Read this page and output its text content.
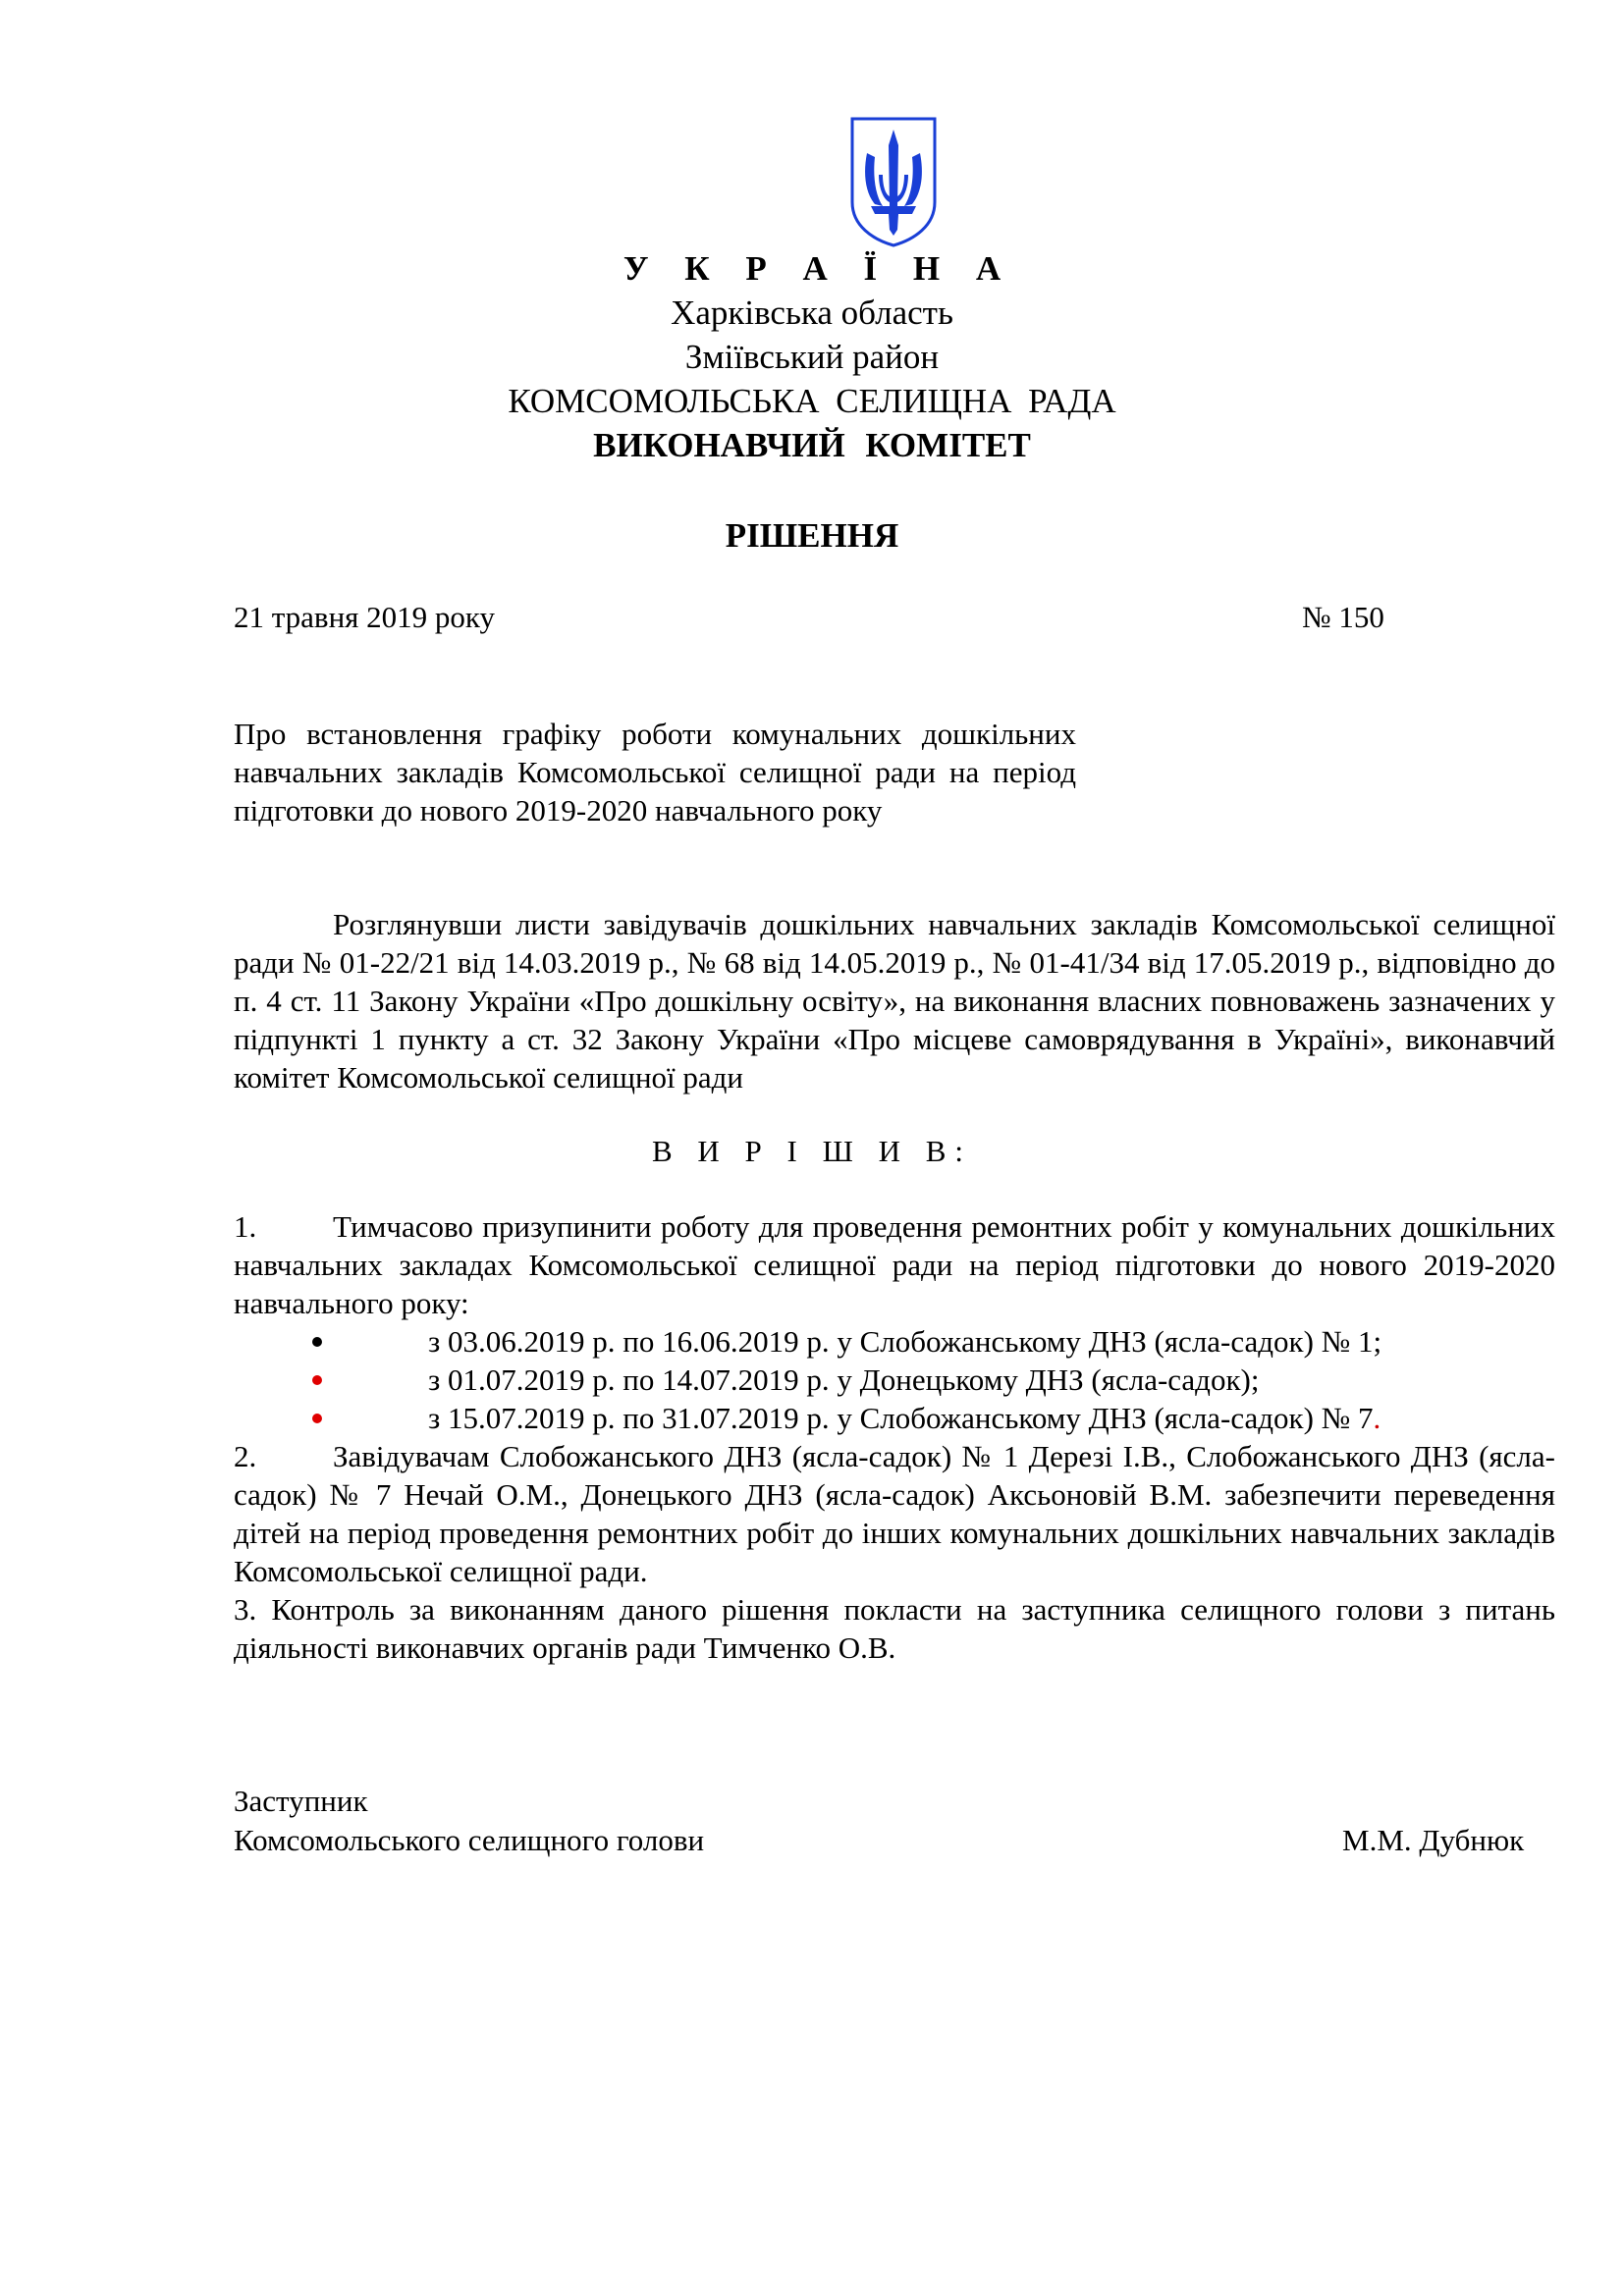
У К Р А Ї Н А
Харківська область
Зміївський район
КОМСОМОЛЬСЬКА СЕЛИЩНА РАДА
ВИКОНАВЧИЙ КОМІТЕТ
РІШЕННЯ
21 травня 2019 року	№ 150
Про встановлення графіку роботи комунальних дошкільних навчальних закладів Комсомольської селищної ради на період підготовки до нового 2019-2020 навчального року
Розглянувши листи завідувачів дошкільних навчальних закладів Комсомольської селищної ради № 01-22/21 від 14.03.2019 р., № 68 від 14.05.2019 р., № 01-41/34 від 17.05.2019 р., відповідно до п. 4 ст. 11 Закону України «Про дошкільну освіту», на виконання власних повноважень зазначених у підпункті 1 пункту а ст. 32 Закону України «Про місцеве самоврядування в Україні», виконавчий комітет Комсомольської селищної ради
В И Р І Ш И В:
1.	Тимчасово призупинити роботу для проведення ремонтних робіт у комунальних дошкільних навчальних закладах Комсомольської селищної ради на період підготовки до нового 2019-2020 навчального року:
з 03.06.2019 р. по 16.06.2019 р. у Слобожанському ДНЗ (ясла-садок) № 1;
з 01.07.2019 р. по 14.07.2019 р. у Донецькому ДНЗ (ясла-садок);
з 15.07.2019 р. по 31.07.2019 р. у Слобожанському ДНЗ (ясла-садок) № 7.
2.	Завідувачам Слобожанського ДНЗ (ясла-садок) № 1 Дерезі І.В., Слобожанського ДНЗ (ясла-садок) № 7 Нечай О.М., Донецького ДНЗ (ясла-садок) Аксьоновій В.М. забезпечити переведення дітей на період проведення ремонтних робіт до інших комунальних дошкільних навчальних закладів Комсомольської селищної ради.
3. Контроль за виконанням даного рішення покласти на заступника селищного голови з питань діяльності виконавчих органів ради Тимченко О.В.
Заступник
Комсомольського селищного голови	М.М. Дубнюк
